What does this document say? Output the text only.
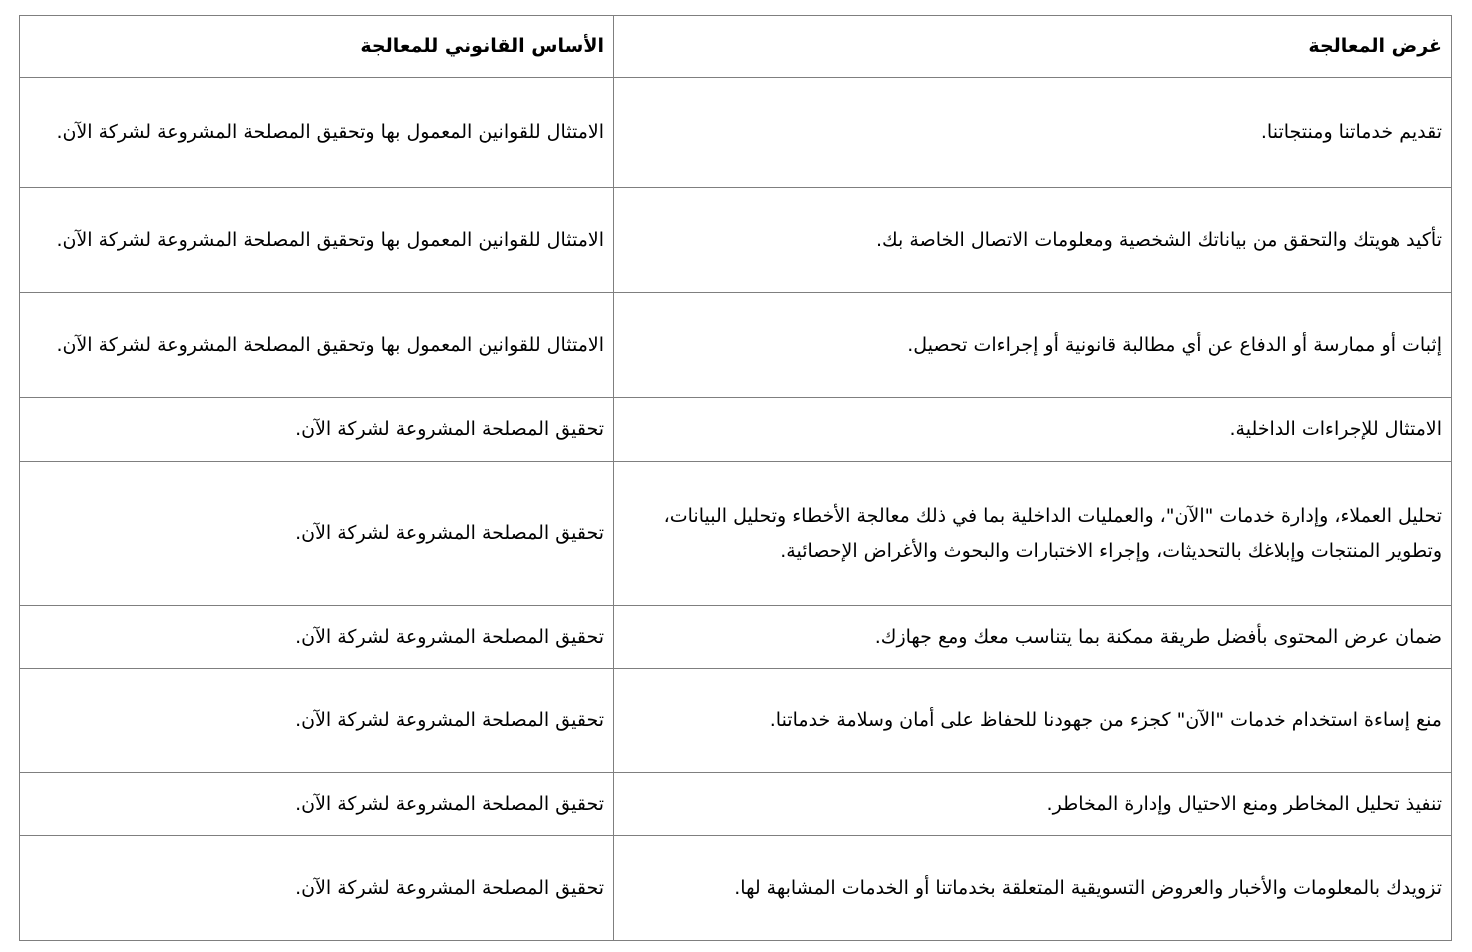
غرض المعالجة	الأساس القانوني للمعالجة
تقديم خدماتنا ومنتجاتنا.	الامتثال للقوانين المعمول بها وتحقيق المصلحة المشروعة لشركة الآن.
تأكيد هويتك والتحقق من بياناتك الشخصية ومعلومات الاتصال الخاصة بك.	الامتثال للقوانين المعمول بها وتحقيق المصلحة المشروعة لشركة الآن.
إثبات أو ممارسة أو الدفاع عن أي مطالبة قانونية أو إجراءات تحصيل.	الامتثال للقوانين المعمول بها وتحقيق المصلحة المشروعة لشركة الآن.
الامتثال للإجراءات الداخلية.	تحقيق المصلحة المشروعة لشركة الآن.
تحليل العملاء، وإدارة خدمات "الآن"، والعمليات الداخلية بما في ذلك معالجة الأخطاء وتحليل البيانات، وتطوير المنتجات وإبلاغك بالتحديثات، وإجراء الاختبارات والبحوث والأغراض الإحصائية.	تحقيق المصلحة المشروعة لشركة الآن.
ضمان عرض المحتوى بأفضل طريقة ممكنة بما يتناسب معك ومع جهازك.	تحقيق المصلحة المشروعة لشركة الآن.
منع إساءة استخدام خدمات "الآن" كجزء من جهودنا للحفاظ على أمان وسلامة خدماتنا.	تحقيق المصلحة المشروعة لشركة الآن.
تنفيذ تحليل المخاطر ومنع الاحتيال وإدارة المخاطر.	تحقيق المصلحة المشروعة لشركة الآن.
تزويدك بالمعلومات والأخبار والعروض التسويقية المتعلقة بخدماتنا أو الخدمات المشابهة لها.	تحقيق المصلحة المشروعة لشركة الآن.
